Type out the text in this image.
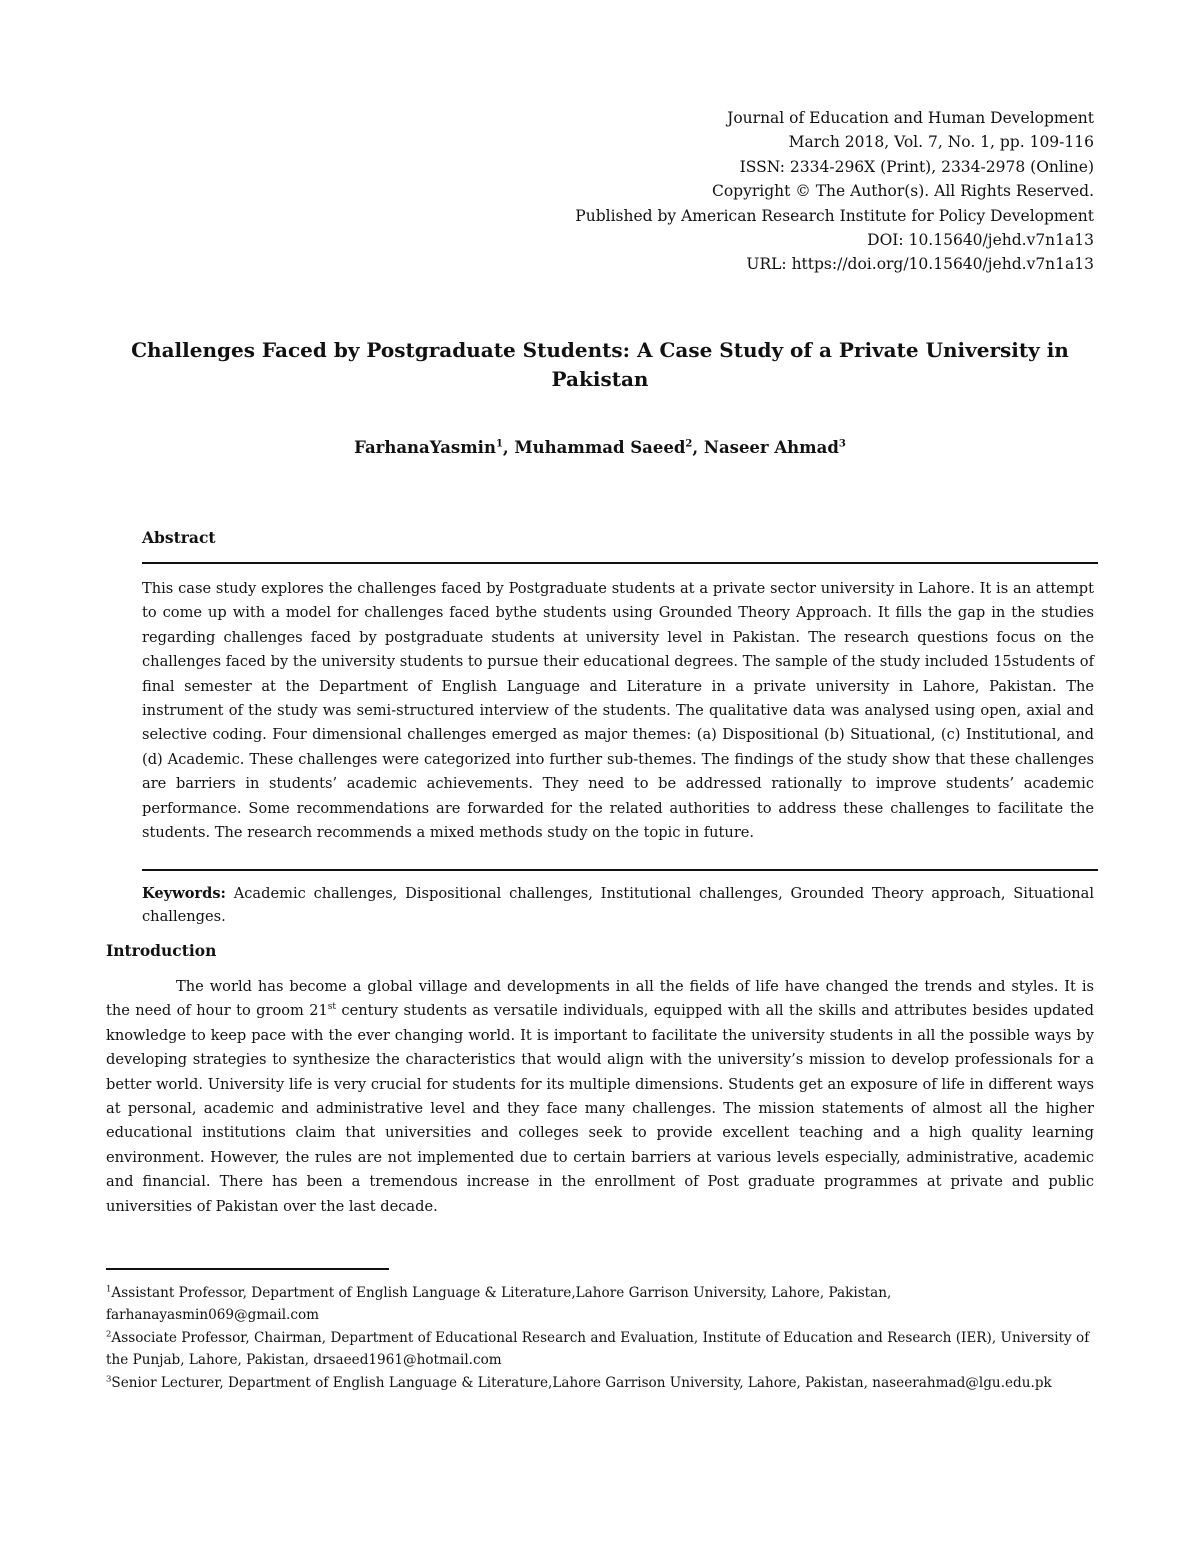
Journal of Education and Human Development
March 2018, Vol. 7, No. 1, pp. 109-116
ISSN: 2334-296X (Print), 2334-2978 (Online)
Copyright © The Author(s). All Rights Reserved.
Published by American Research Institute for Policy Development
DOI: 10.15640/jehd.v7n1a13
URL: https://doi.org/10.15640/jehd.v7n1a13
Challenges Faced by Postgraduate Students: A Case Study of a Private University in Pakistan
FarhanaYasmin$^1$, Muhammad Saeed$^2$, Naseer Ahmad$^3$
Abstract
This case study explores the challenges faced by Postgraduate students at a private sector university in Lahore. It is an attempt to come up with a model for challenges faced bythe students using Grounded Theory Approach. It fills the gap in the studies regarding challenges faced by postgraduate students at university level in Pakistan. The research questions focus on the challenges faced by the university students to pursue their educational degrees. The sample of the study included 15students of final semester at the Department of English Language and Literature in a private university in Lahore, Pakistan. The instrument of the study was semi-structured interview of the students. The qualitative data was analysed using open, axial and selective coding. Four dimensional challenges emerged as major themes: (a) Dispositional (b) Situational, (c) Institutional, and (d) Academic. These challenges were categorized into further sub-themes. The findings of the study show that these challenges are barriers in students’ academic achievements. They need to be addressed rationally to improve students’ academic performance. Some recommendations are forwarded for the related authorities to address these challenges to facilitate the students. The research recommends a mixed methods study on the topic in future.
Keywords: Academic challenges, Dispositional challenges, Institutional challenges, Grounded Theory approach, Situational challenges.
Introduction
The world has become a global village and developments in all the fields of life have changed the trends and styles. It is the need of hour to groom 21st century students as versatile individuals, equipped with all the skills and attributes besides updated knowledge to keep pace with the ever changing world. It is important to facilitate the university students in all the possible ways by developing strategies to synthesize the characteristics that would align with the university’s mission to develop professionals for a better world. University life is very crucial for students for its multiple dimensions. Students get an exposure of life in different ways at personal, academic and administrative level and they face many challenges. The mission statements of almost all the higher educational institutions claim that universities and colleges seek to provide excellent teaching and a high quality learning environment. However, the rules are not implemented due to certain barriers at various levels especially, administrative, academic and financial. There has been a tremendous increase in the enrollment of Post graduate programmes at private and public universities of Pakistan over the last decade.
$^1$Assistant Professor, Department of English Language & Literature,Lahore Garrison University, Lahore, Pakistan, farhanayasmin069@gmail.com
$^2$Associate Professor, Chairman, Department of Educational Research and Evaluation, Institute of Education and Research (IER), University of the Punjab, Lahore, Pakistan, drsaeed1961@hotmail.com
$^3$Senior Lecturer, Department of English Language & Literature,Lahore Garrison University, Lahore, Pakistan, naseerahmad@lgu.edu.pk
